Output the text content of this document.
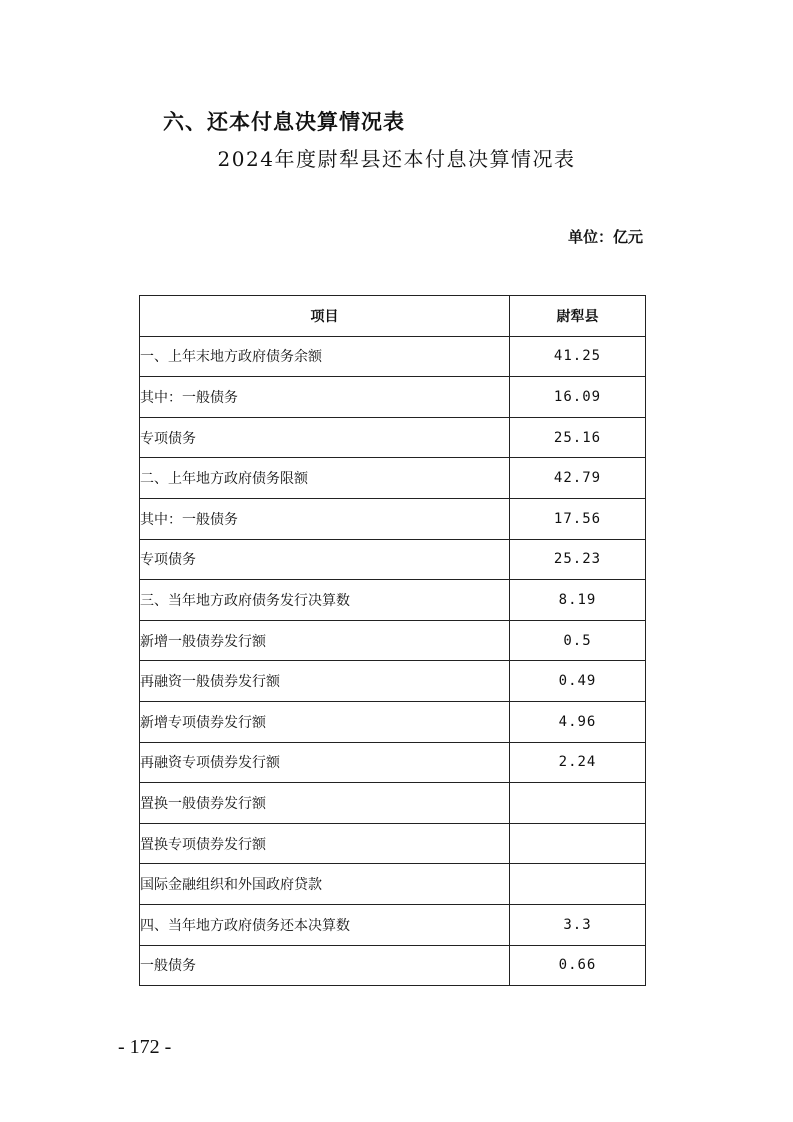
六、还本付息决算情况表
2024年度尉犁县还本付息决算情况表
单位：亿元
项目	尉犁县
一、上年末地方政府债务余额	41.25
其中：一般债务	16.09
专项债务	25.16
二、上年地方政府债务限额	42.79
其中：一般债务	17.56
专项债务	25.23
三、当年地方政府债务发行决算数	8.19
新增一般债券发行额	0.5
再融资一般债券发行额	0.49
新增专项债券发行额	4.96
再融资专项债券发行额	2.24
置换一般债券发行额	
置换专项债券发行额	
国际金融组织和外国政府贷款	
四、当年地方政府债务还本决算数	3.3
一般债务	0.66
- 172 -
